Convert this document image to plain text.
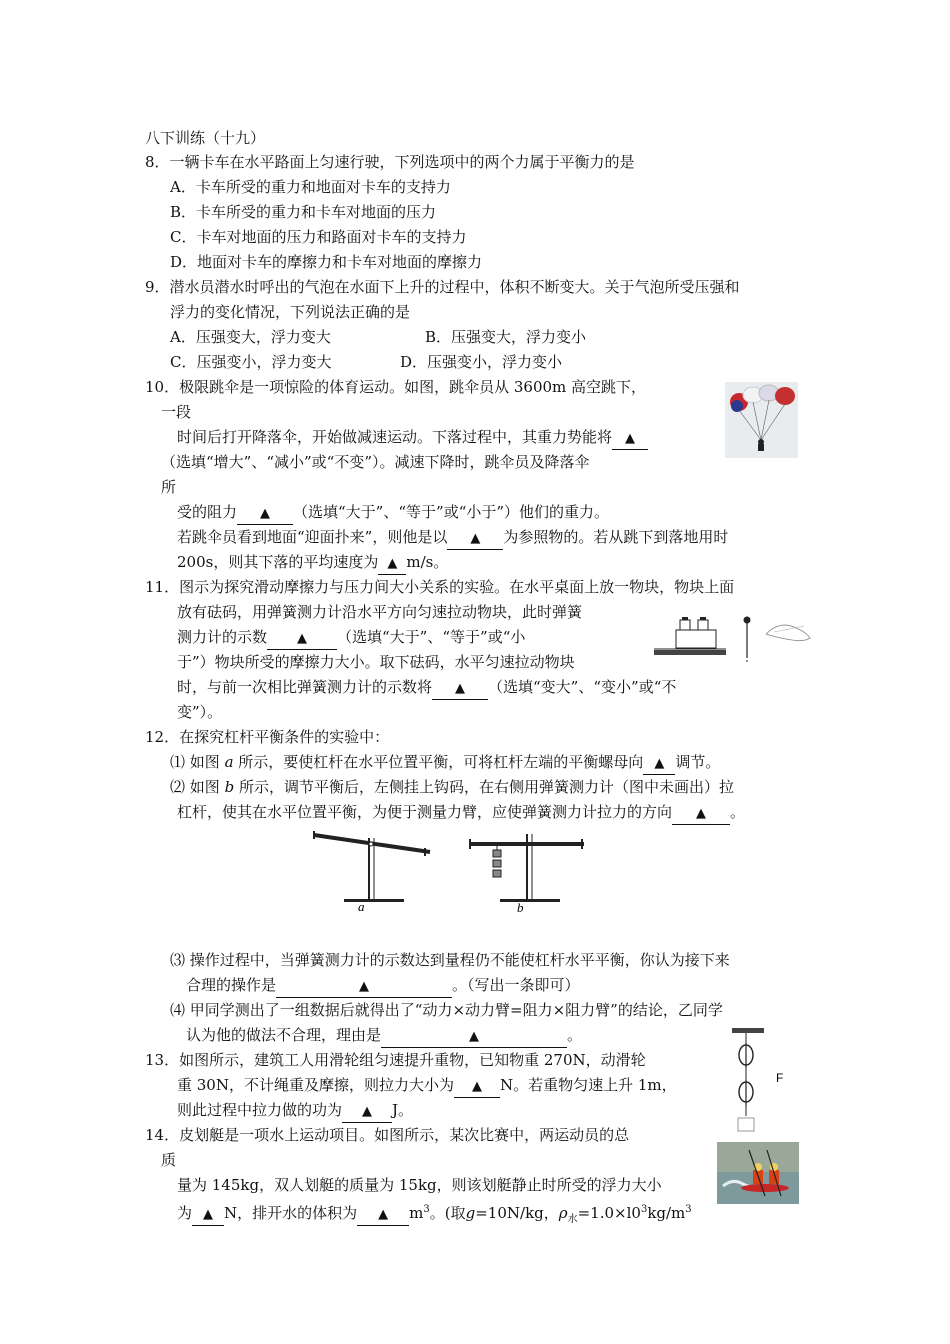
八下训练（十九）
8．一辆卡车在水平路面上匀速行驶，下列选项中的两个力属于平衡力的是
A．卡车所受的重力和地面对卡车的支持力
B．卡车所受的重力和卡车对地面的压力
C．卡车对地面的压力和路面对卡车的支持力
D．地面对卡车的摩擦力和卡车对地面的摩擦力
9．潜水员潜水时呼出的气泡在水面下上升的过程中，体积不断变大。关于气泡所受压强和
浮力的变化情况，下列说法正确的是
A．压强变大，浮力变大	B．压强变大，浮力变小
C．压强变小，浮力变大	D．压强变小，浮力变小
10．极限跳伞是一项惊险的体育运动。如图，跳伞员从 3600m 高空跳下，
一段
时间后打开降落伞，开始做减速运动。下落过程中，其重力势能将 ▲
（选填“增大”、“减小”或“不变”）。减速下降时，跳伞员及降落伞
所
受的阻力 ▲ （选填“大于”、“等于”或“小于”）他们的重力。
若跳伞员看到地面“迎面扑来”，则他是以 ▲ 为参照物的。若从跳下到落地用时
200s，则其下落的平均速度为 ▲ m/s。
11．图示为探究滑动摩擦力与压力间大小关系的实验。在水平桌面上放一物块，物块上面
放有砝码，用弹簧测力计沿水平方向匀速拉动物块，此时弹簧
测力计的示数 ▲ （选填“大于”、“等于”或“小
于”）物块所受的摩擦力大小。取下砝码，水平匀速拉动物块
时，与前一次相比弹簧测力计的示数将 ▲ （选填“变大”、“变小”或“不
变”）。
12．在探究杠杆平衡条件的实验中：
⑴ 如图 a 所示，要使杠杆在水平位置平衡，可将杠杆左端的平衡螺母向 ▲ 调节。
⑵ 如图 b 所示，调节平衡后，左侧挂上钩码，在右侧用弹簧测力计（图中未画出）拉
杠杆，使其在水平位置平衡，为便于测量力臂，应使弹簧测力计拉力的方向 ▲ 。
a	b
⑶ 操作过程中，当弹簧测力计的示数达到量程仍不能使杠杆水平平衡，你认为接下来
合理的操作是	▲	。（写出一条即可）
⑷ 甲同学测出了一组数据后就得出了“动力×动力臂=阻力×阻力臂”的结论，乙同学
认为他的做法不合理，理由是	▲	。
13．如图所示，建筑工人用滑轮组匀速提升重物，已知物重 270N，动滑轮
重 30N，不计绳重及摩擦，则拉力大小为 ▲ N。若重物匀速上升 1m，
则此过程中拉力做的功为 ▲ J。
F
14．皮划艇是一项水上运动项目。如图所示，某次比赛中，两运动员的总
质
量为 145kg，双人划艇的质量为 15kg，则该划艇静止时所受的浮力大小
为 ▲ N，排开水的体积为 ▲ $m^3$。(取g=10N/kg，$\rho_水=1.0\times l0^3kg/m^3$
